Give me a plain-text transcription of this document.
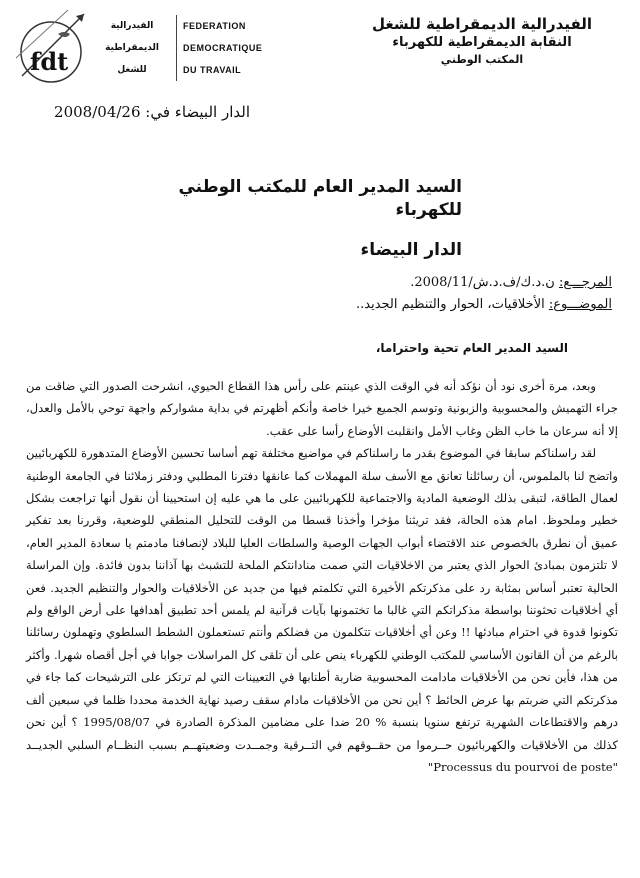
الفيدرالية الديمقراطية للشغل
النقابة الديمقراطية للكهرباء
المكتب الوطني
FEDERATION
DEMOCRATIQUE
DU TRAVAIL
الفيدرالية
الديمقراطية
للشغل
fdt
الدار البيضاء في: 2008/04/26
السيد المدير العام للمكتب الوطني
للكهرباء
الدار البيضاء
المرجـــع: ن.د.ك/ف.د.ش/2008/11.
الموضـــوع: الأخلاقيات، الحوار والتنظيم الجديد..
السيد المدير العام تحية واحتراما،

وبعد، مرة أخرى نود أن نؤكد أنه في الوقت الذي عينتم على رأس هذا القطاع الحيوي، انشرحت الصدور التي ضاقت من جراء التهميش والمحسوبية والزبونية وتوسم الجميع خيرا خاصة وأنكم أظهرتم في بداية مشواركم واجهة توحي بالأمل والعدل، إلا أنه سرعان ما خاب الظن وغاب الأمل وانقلبت الأوضاع رأسا على عقب.

لقد راسلناكم سابقا في الموضوع بقدر ما راسلناكم في مواضيع مختلفة تهم أساسا تحسين الأوضاع المتدهورة للكهربائيين واتضح لنا بالملموس، أن رسائلنا تعانق مع الأسف سلة المهملات كما عانقها دفترنا المطلبي ودفتر زملائنا في الجامعة الوطنية لعمال الطاقة، لتبقى بذلك الوضعية المادية والاجتماعية للكهربائيين على ما هي عليه إن استحيينا أن نقول أنها تراجعت بشكل خطير وملحوظ. امام هذه الحالة، فقد تريثنا مؤخرا وأخذنا قسطا من الوقت للتحليل المنطقي للوضعية، وقررنا بعد تفكير عميق أن نطرق بالخصوص عند الاقتضاء أبواب الجهات الوصية والسلطات العليا للبلاد لإنصافنا مادمتم يا سعادة المدير العام، لا تلتزمون بمبادئ الحوار الذي يعتبر من الاخلاقيات التي صمت منادانتكم الملحة للتشبث بها آذاننا بدون فائدة. وإن المراسلة الحالية تعتبر أساس بمثابة رد على مذكرتكم الأخيرة التي تكلمتم فيها من جديد عن الأخلاقيات والحوار والتنظيم الجديد. فعن أي أخلاقيات تحثوننا بواسطة مذكراتكم التي غالبا ما تختمونها بآيات قرآنية لم يلمس أحد تطبيق أهدافها على أرض الواقع ولم تكونوا قدوة في احترام مبادئها !! وعن أي أخلاقيات تتكلمون من فضلكم وأنتم تستعملون الشطط السلطوي وتهملون رسائلنا بالرغم من أن القانون الأساسي للمكتب الوطني للكهرباء ينص على أن تلقى كل المراسلات جوابا في أجل أقصاه شهرا. وأكثر من هذا، فأين نحن من الأخلاقيات مادامت المحسوبية ضاربة أطنابها في التعيينات التي لم ترتكز على الترشيحات كما جاء في مذكرتكم التي ضربتم بها عرض الحائط ؟ أين نحن من الأخلاقيات مادام سقف رصيد نهاية الخدمة محددا ظلما في سبعين ألف درهم والاقتطاعات الشهرية ترتفع سنويا بنسبة % 20 ضدا على مضامين المذكرة الصادرة في 1995/08/07 ؟ أين نحن كذلك من الأخلاقيات والكهربائيون حــرموا من حقــوقهم في التــرقية وجمــدت وضعيتهــم بسبب النظــام السلبي الجديــد "Processus du pourvoi de poste"
